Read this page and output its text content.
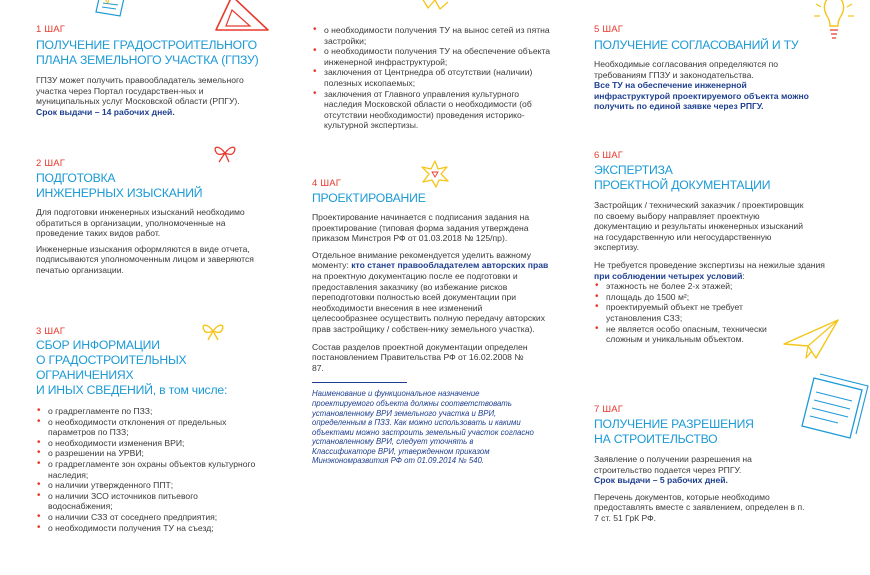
1 ШАГ
ПОЛУЧЕНИЕ ГРАДОСТРОИТЕЛЬНОГО
ПЛАНА ЗЕМЕЛЬНОГО УЧАСТКА (ГПЗУ)
ГПЗУ может получить правообладатель земельного участка через Портал государствен-ных и муниципальных услуг Московской области (РПГУ).
Срок выдачи – 14 рабочих дней.
2 ШАГ
ПОДГОТОВКА
ИНЖЕНЕРНЫХ ИЗЫСКАНИЙ
Для подготовки инженерных изысканий необходимо обратиться в организации, уполномоченные на проведение таких видов работ.
Инженерные изыскания оформляются в виде отчета, подписываются уполномоченным лицом и заверяются печатью организации.
3 ШАГ
СБОР ИНФОРМАЦИИ
О ГРАДОСТРОИТЕЛЬНЫХ ОГРАНИЧЕНИЯХ
И ИНЫХ СВЕДЕНИЙ, в том числе:
• о градрегламенте по ПЗЗ;
• о необходимости отклонения от предельных параметров по ПЗЗ;
• о необходимости изменения ВРИ;
• о разрешении на УРВИ;
• о градрегламенте зон охраны объектов культурного наследия;
• о наличии утвержденного ППТ;
• о наличии ЗСО источников питьевого водоснабжения;
• о наличии СЗЗ от соседнего предприятия;
• о необходимости получения ТУ на съезд;
• о необходимости получения ТУ на вынос сетей из пятна застройки;
• о необходимости получения ТУ на обеспечение объекта инженерной инфраструктурой;
• заключения от Центрнедра об отсутствии (наличии) полезных ископаемых;
• заключения от Главного управления культурного наследия Московской области о необходимости (об отсутствии необходимости) проведения историко-культурной экспертизы.
4 ШАГ
ПРОЕКТИРОВАНИЕ
Проектирование начинается с подписания задания на проектирование (типовая форма задания утверждена приказом Минстроя РФ от 01.03.2018 № 125/пр).
Отдельное внимание рекомендуется уделить важному моменту: кто станет правообладателем авторских прав на проектную документацию после ее подготовки и предоставления заказчику (во избежание рисков переподготовки полностью всей документации при необходимости внесения в нее изменений целесообразнее осуществить полную передачу авторских прав застройщику / собствен-нику земельного участка).
Состав разделов проектной документации определен постановлением Правительства РФ от 16.02.2008 № 87.
Наименование и функциональное назначение проектируемого объекта должны соответствовать установленному ВРИ земельного участка и ВРИ, определенным в ПЗЗ. Как можно использовать и какими объектами можно застроить земельный участок согласно установленному ВРИ, следует уточнять в Классификаторе ВРИ, утвержденном приказом Минэкономразвития РФ от 01.09.2014 № 540.
5 ШАГ
ПОЛУЧЕНИЕ СОГЛАСОВАНИЙ И ТУ
Необходимые согласования определяются по требованиям ГПЗУ и законодательства.
Все ТУ на обеспечение инженерной инфраструктурой проектируемого объекта можно получить по единой заявке через РПГУ.
6 ШАГ
ЭКСПЕРТИЗА
ПРОЕКТНОЙ ДОКУМЕНТАЦИИ
Застройщик / технический заказчик / проектировщик по своему выбору направляет проектную документацию и результаты инженерных изысканий на государственную или негосударственную экспертизу.
Не требуется проведение экспертизы на нежилые здания при соблюдении четырех условий:
• этажность не более 2-х этажей;
• площадь до 1500 м²;
• проектируемый объект не требует установления СЗЗ;
• не является особо опасным, технически сложным и уникальным объектом.
7 ШАГ
ПОЛУЧЕНИЕ РАЗРЕШЕНИЯ
НА СТРОИТЕЛЬСТВО
Заявление о получении разрешения на строительство подается через РПГУ.
Срок выдачи – 5 рабочих дней.
Перечень документов, которые необходимо предоставлять вместе с заявлением, определен в п. 7 ст. 51 ГрК РФ.
